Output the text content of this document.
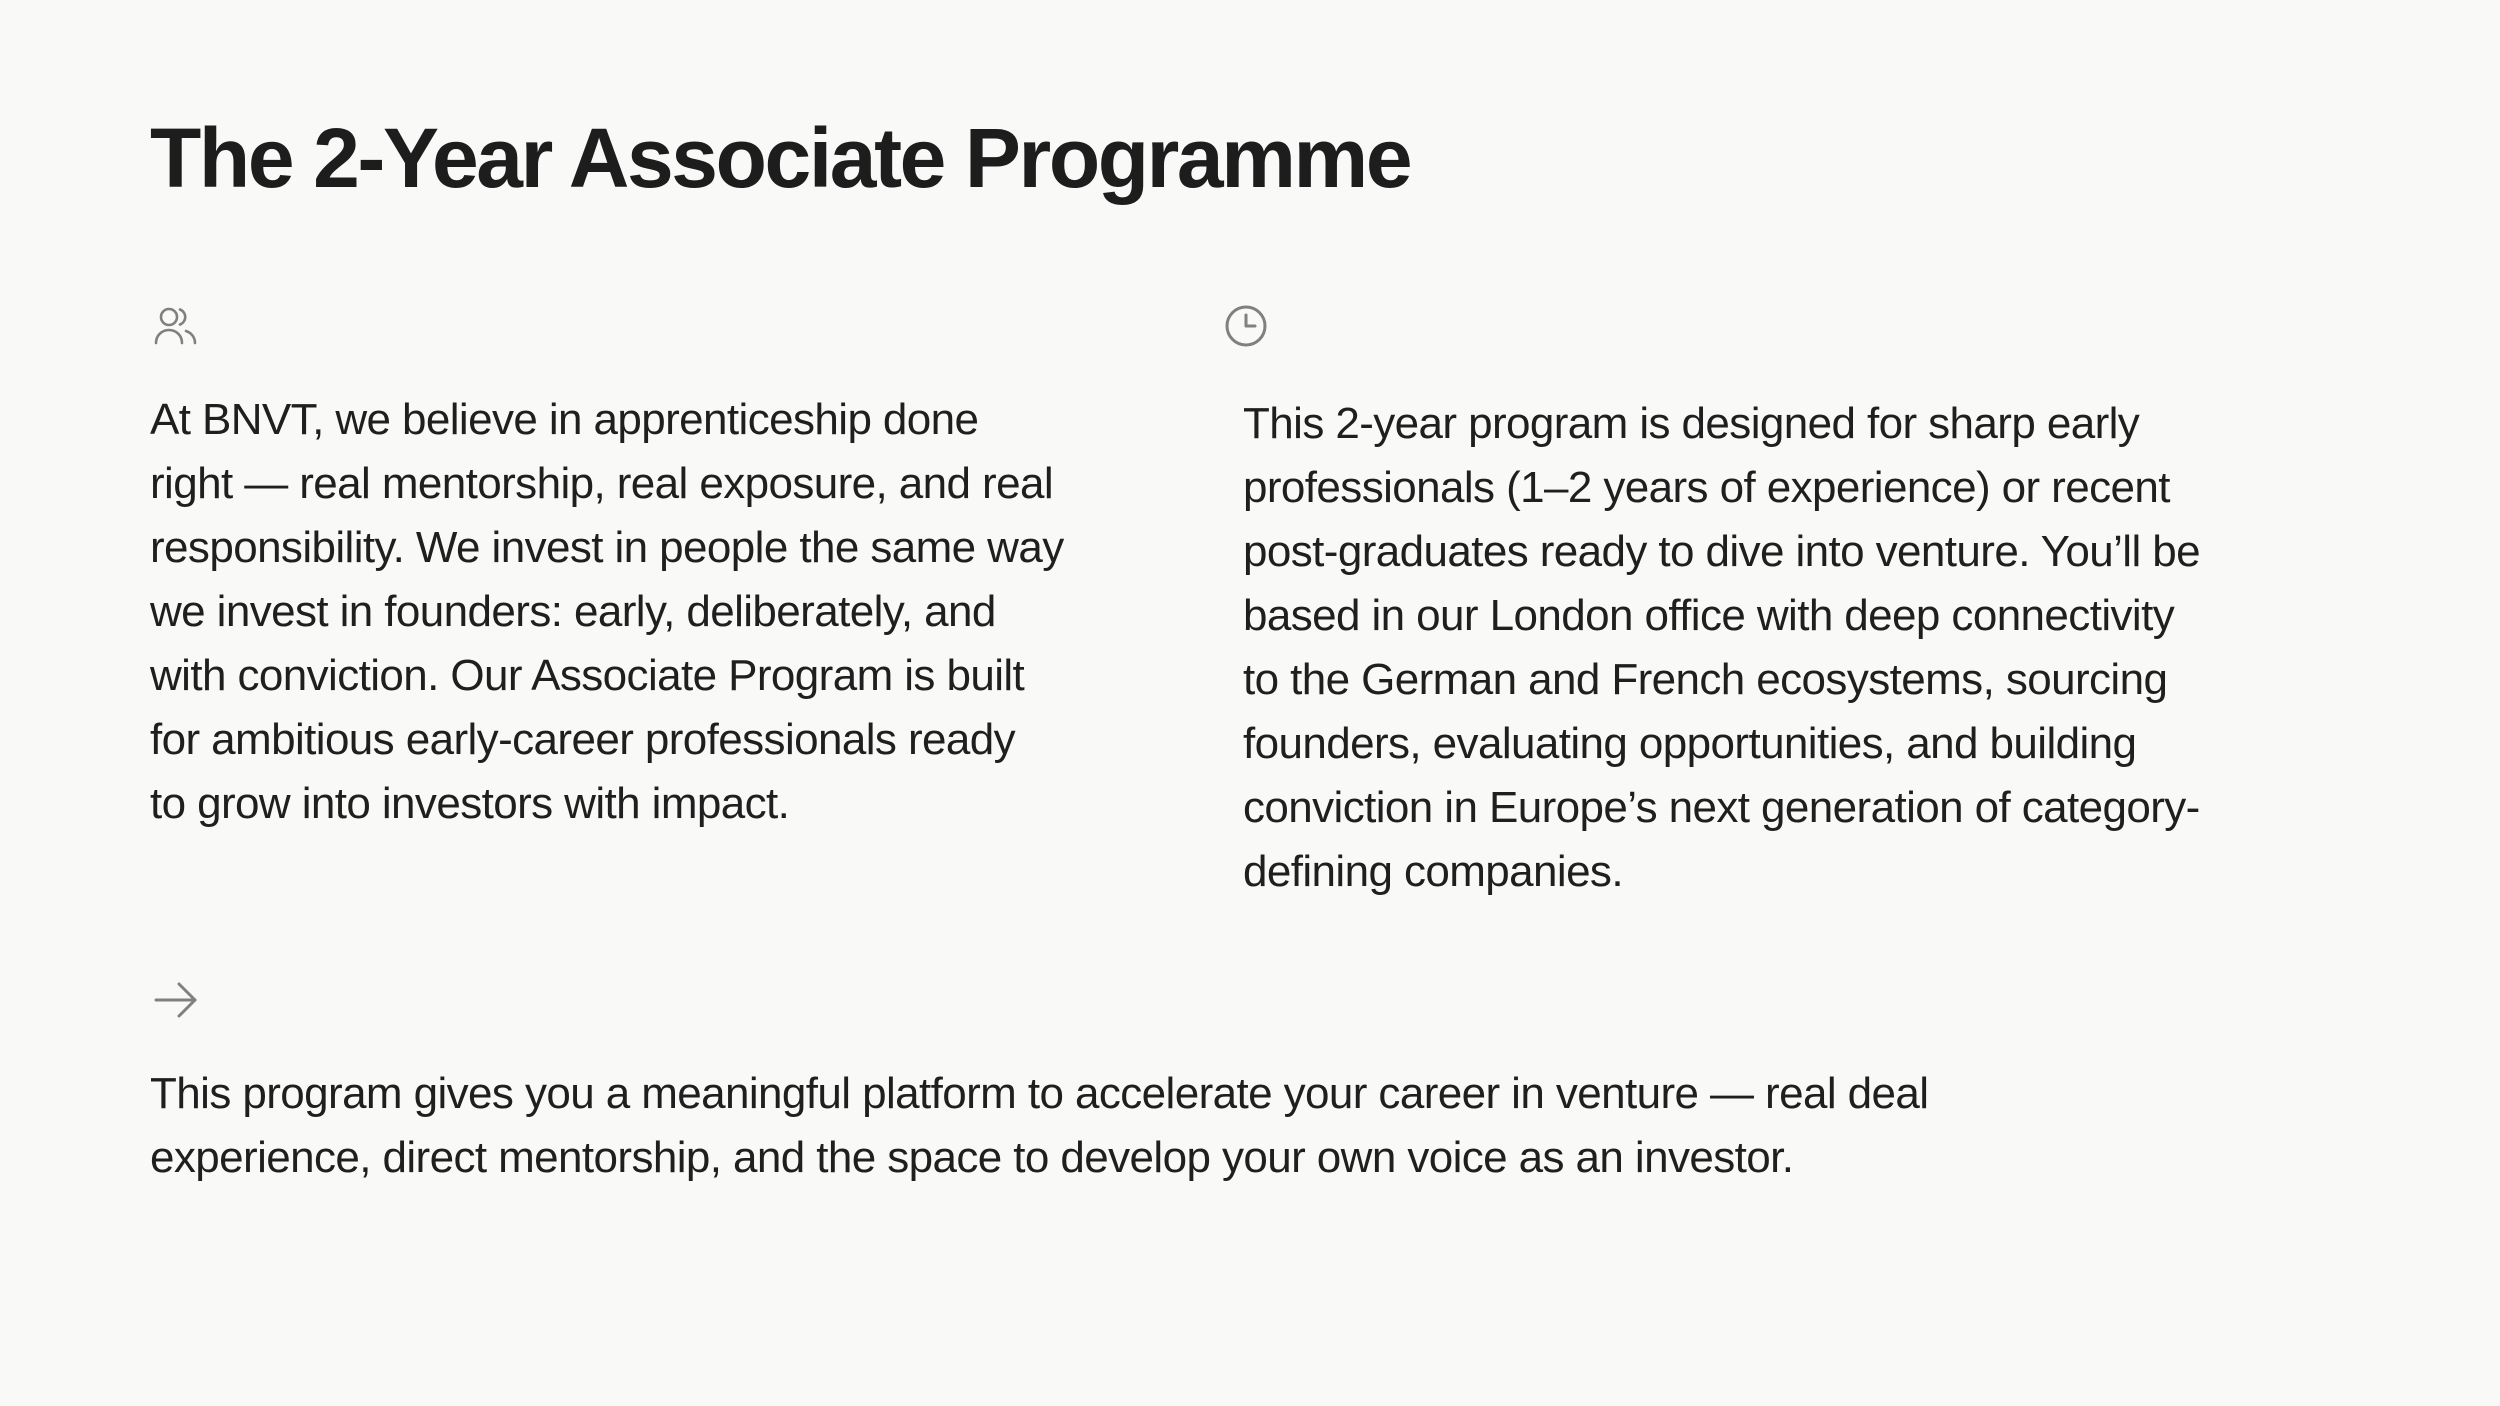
The 2-Year Associate Programme
At BNVT, we believe in apprenticeship done
right — real mentorship, real exposure, and real
responsibility. We invest in people the same way
we invest in founders: early, deliberately, and
with conviction. Our Associate Program is built
for ambitious early-career professionals ready
to grow into investors with impact.
This 2-year program is designed for sharp early
professionals (1–2 years of experience) or recent
post-graduates ready to dive into venture. You’ll be
based in our London office with deep connectivity
to the German and French ecosystems, sourcing
founders, evaluating opportunities, and building
conviction in Europe’s next generation of category-
defining companies.
This program gives you a meaningful platform to accelerate your career in venture — real deal
experience, direct mentorship, and the space to develop your own voice as an investor.
